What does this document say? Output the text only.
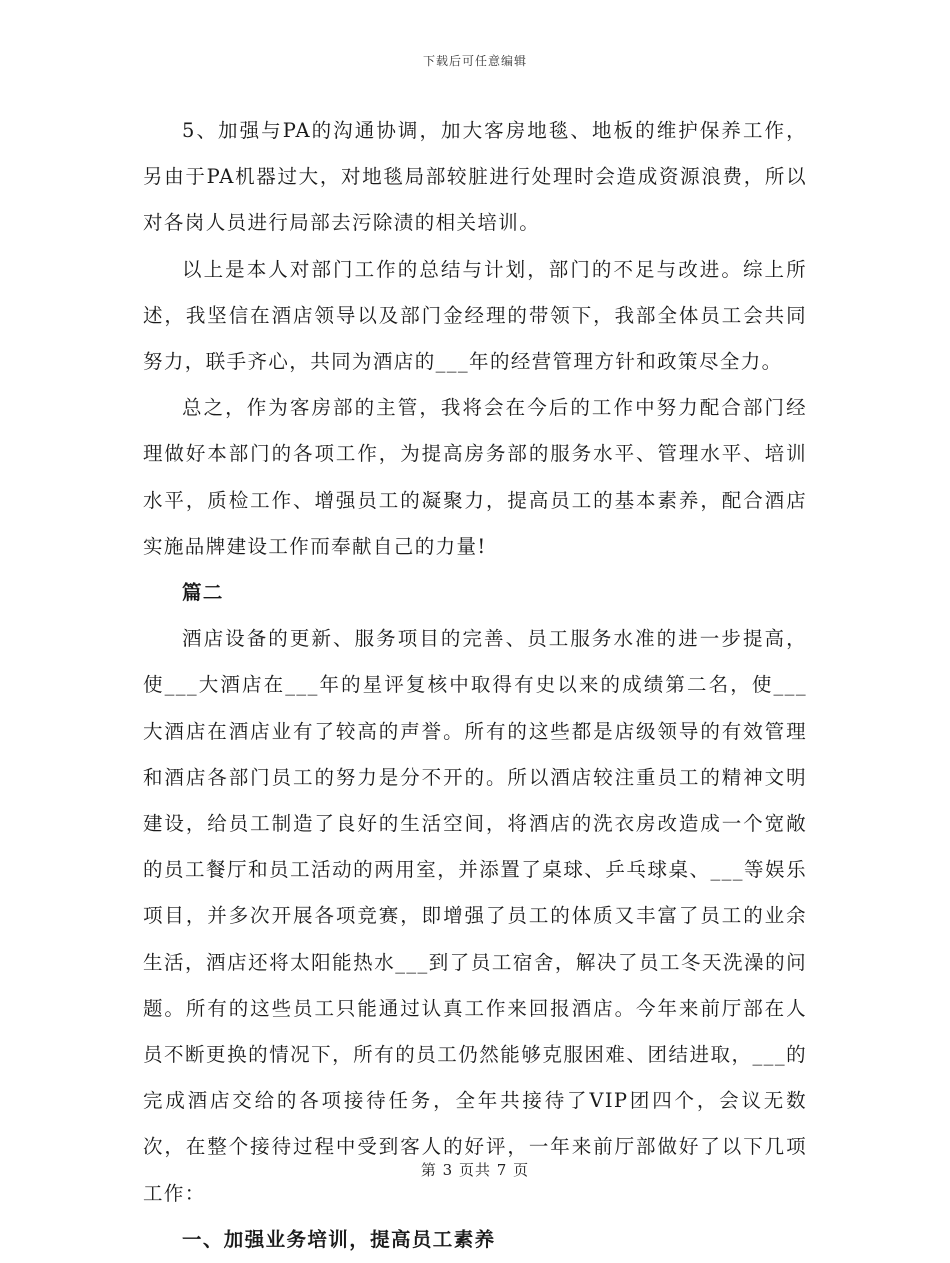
下载后可任意编辑

5、加强与PA的沟通协调，加大客房地毯、地板的维护保养工作，另由于PA机器过大，对地毯局部较脏进行处理时会造成资源浪费，所以对各岗人员进行局部去污除渍的相关培训。

以上是本人对部门工作的总结与计划，部门的不足与改进。综上所述，我坚信在酒店领导以及部门金经理的带领下，我部全体员工会共同努力，联手齐心，共同为酒店的___年的经营管理方针和政策尽全力。

总之，作为客房部的主管，我将会在今后的工作中努力配合部门经理做好本部门的各项工作，为提高房务部的服务水平、管理水平、培训水平，质检工作、增强员工的凝聚力，提高员工的基本素养，配合酒店实施品牌建设工作而奉献自己的力量!

篇二

酒店设备的更新、服务项目的完善、员工服务水准的进一步提高，使___大酒店在___年的星评复核中取得有史以来的成绩第二名，使___大酒店在酒店业有了较高的声誉。所有的这些都是店级领导的有效管理和酒店各部门员工的努力是分不开的。所以酒店较注重员工的精神文明建设，给员工制造了良好的生活空间，将酒店的洗衣房改造成一个宽敞的员工餐厅和员工活动的两用室，并添置了桌球、乒乓球桌、___等娱乐项目，并多次开展各项竞赛，即增强了员工的体质又丰富了员工的业余生活，酒店还将太阳能热水___到了员工宿舍，解决了员工冬天洗澡的问题。所有的这些员工只能通过认真工作来回报酒店。今年来前厅部在人员不断更换的情况下，所有的员工仍然能够克服困难、团结进取，___的完成酒店交给的各项接待任务，全年共接待了VIP团四个，会议无数次，在整个接待过程中受到客人的好评，一年来前厅部做好了以下几项工作：

一、加强业务培训，提高员工素养

第 3 页共 7 页
